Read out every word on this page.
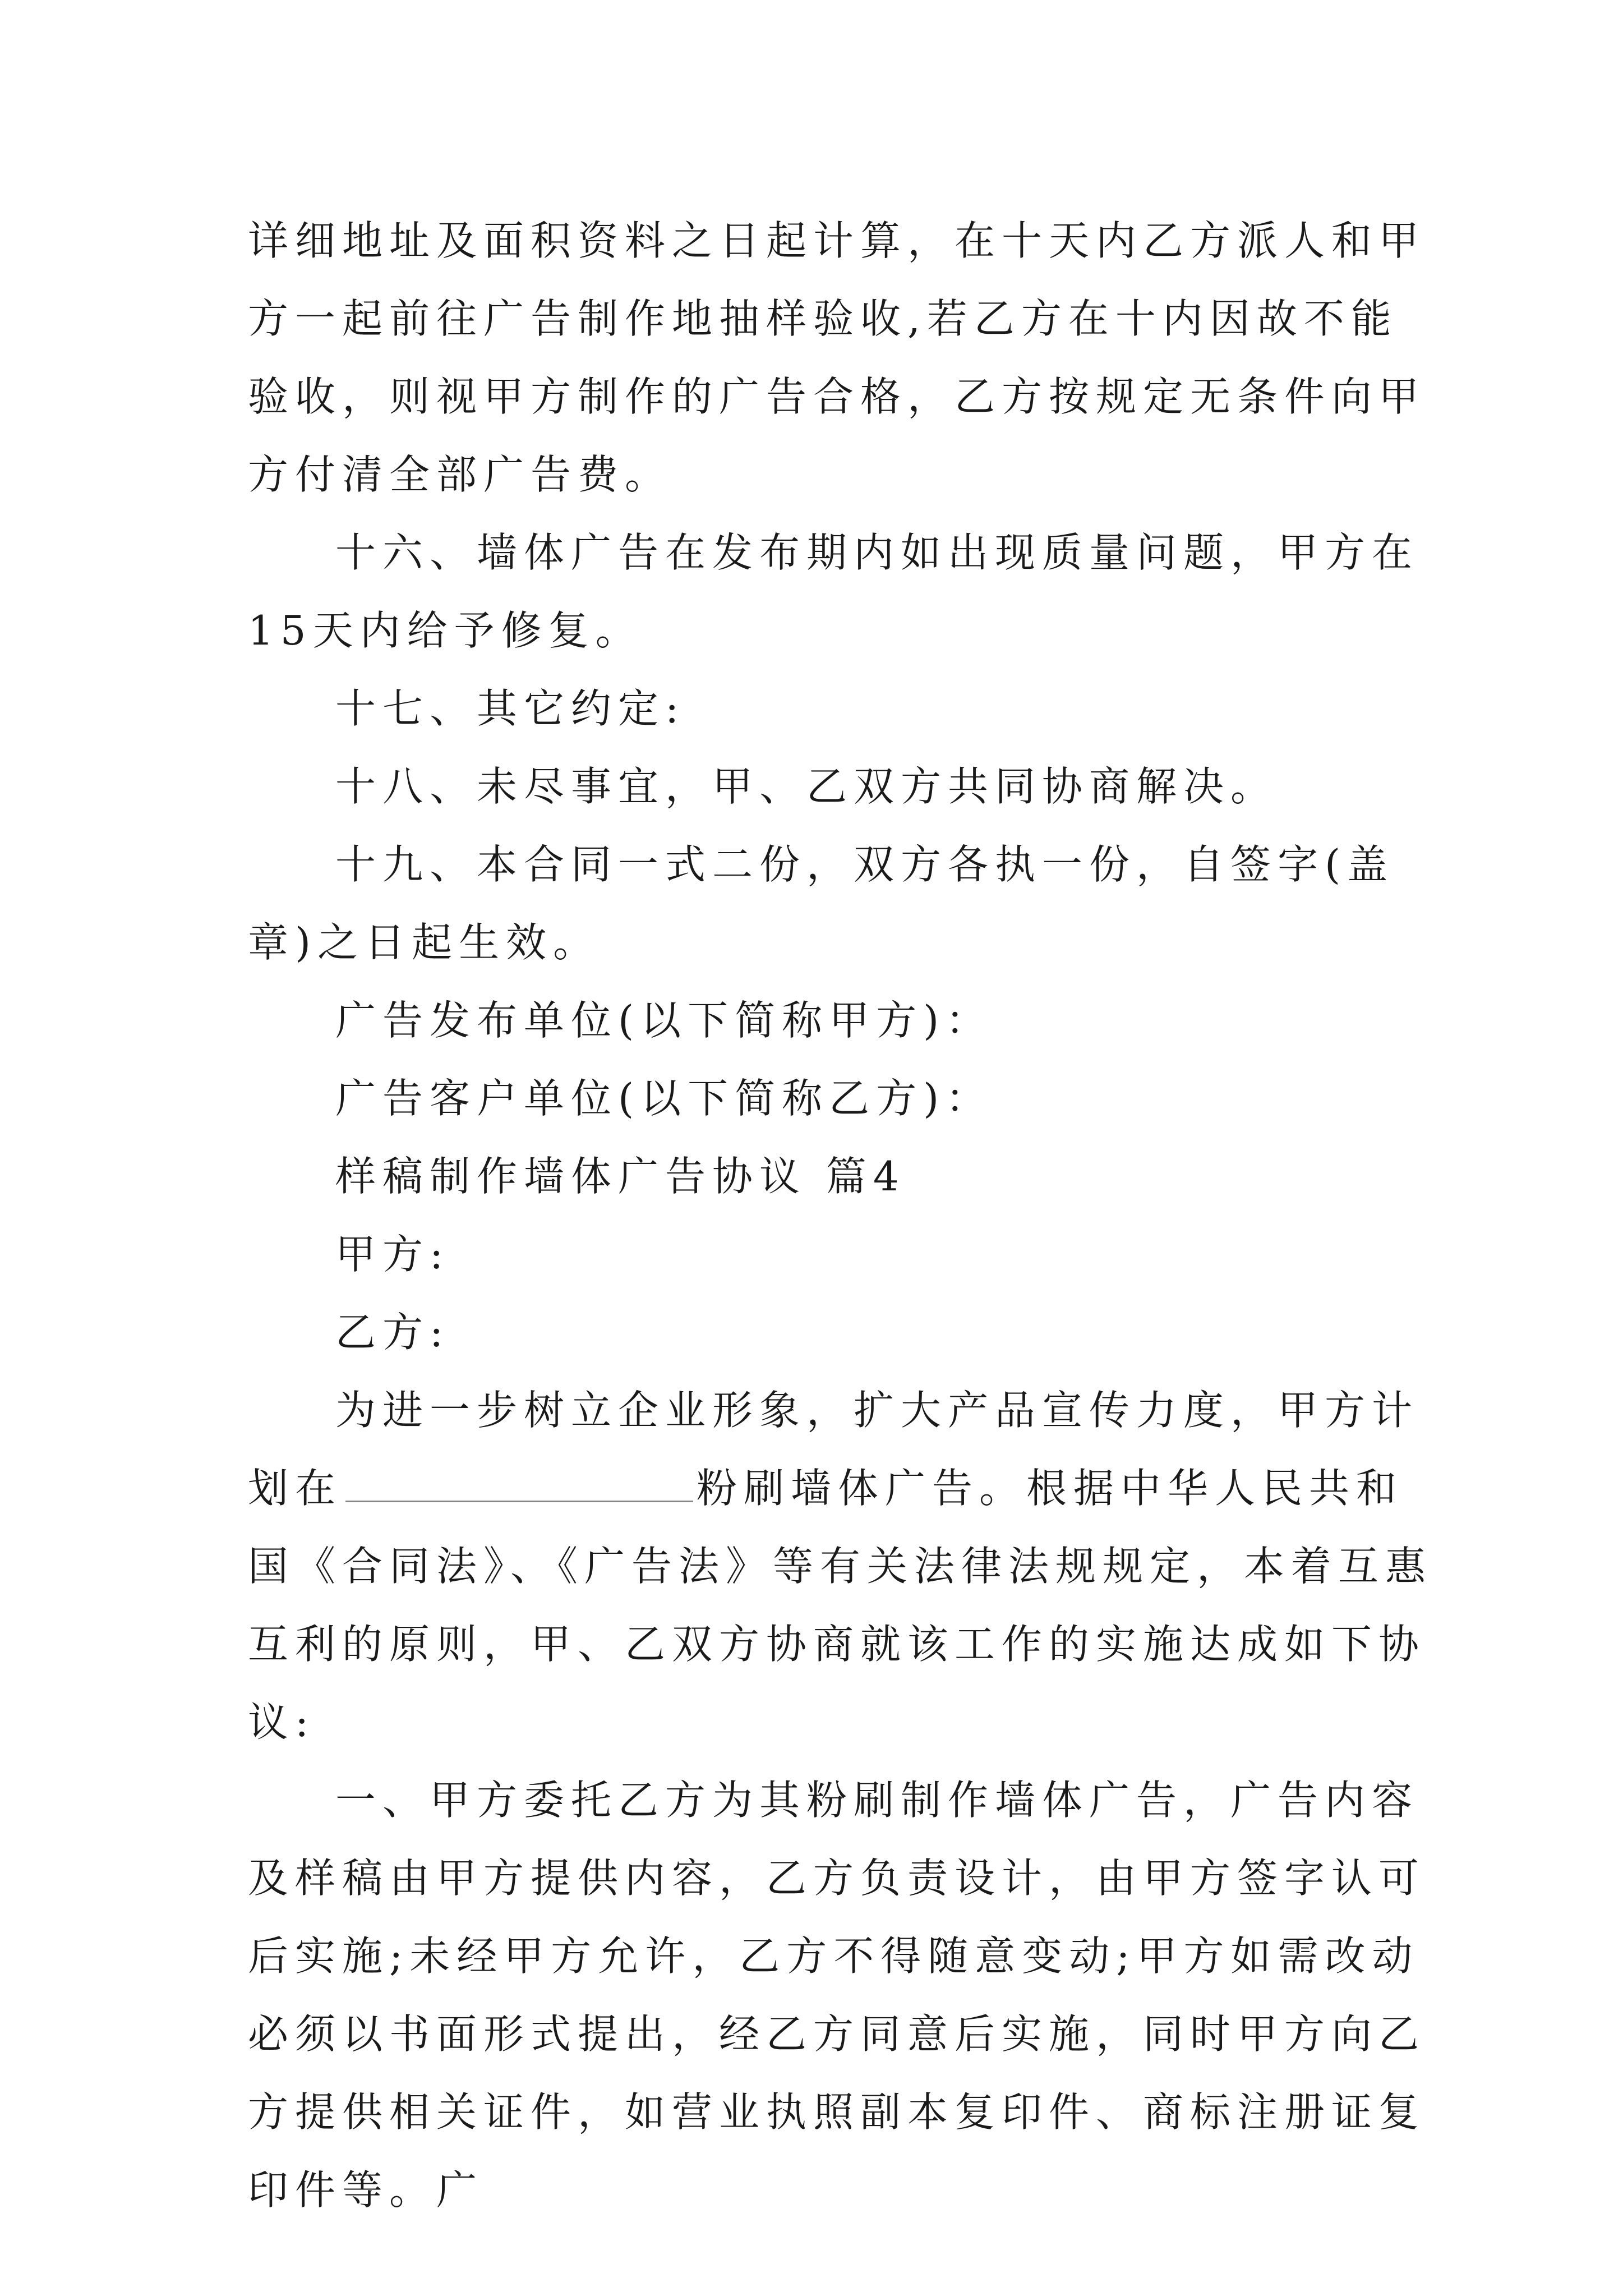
详细地址及面积资料之日起计算，在十天内乙方派人和甲方一起前往广告制作地抽样验收,若乙方在十内因故不能验收，则视甲方制作的广告合格，乙方按规定无条件向甲方付清全部广告费。

十六、墙体广告在发布期内如出现质量问题，甲方在15天内给予修复。

十七、其它约定:

十八、未尽事宜，甲、乙双方共同协商解决。

十九、本合同一式二份，双方各执一份，自签字(盖章)之日起生效。

广告发布单位(以下简称甲方)：

广告客户单位(以下简称乙方)：

样稿制作墙体广告协议 篇4

甲方:

乙方:

为进一步树立企业形象，扩大产品宣传力度，甲方计划在	粉刷墙体广告。根据中华人民共和国《合同法》、《广告法》等有关法律法规规定，本着互惠互利的原则，甲、乙双方协商就该工作的实施达成如下协议:

一、甲方委托乙方为其粉刷制作墙体广告，广告内容及样稿由甲方提供内容，乙方负责设计，由甲方签字认可后实施;未经甲方允许，乙方不得随意变动;甲方如需改动必须以书面形式提出，经乙方同意后实施，同时甲方向乙方提供相关证件，如营业执照副本复印件、商标注册证复印件等。广
